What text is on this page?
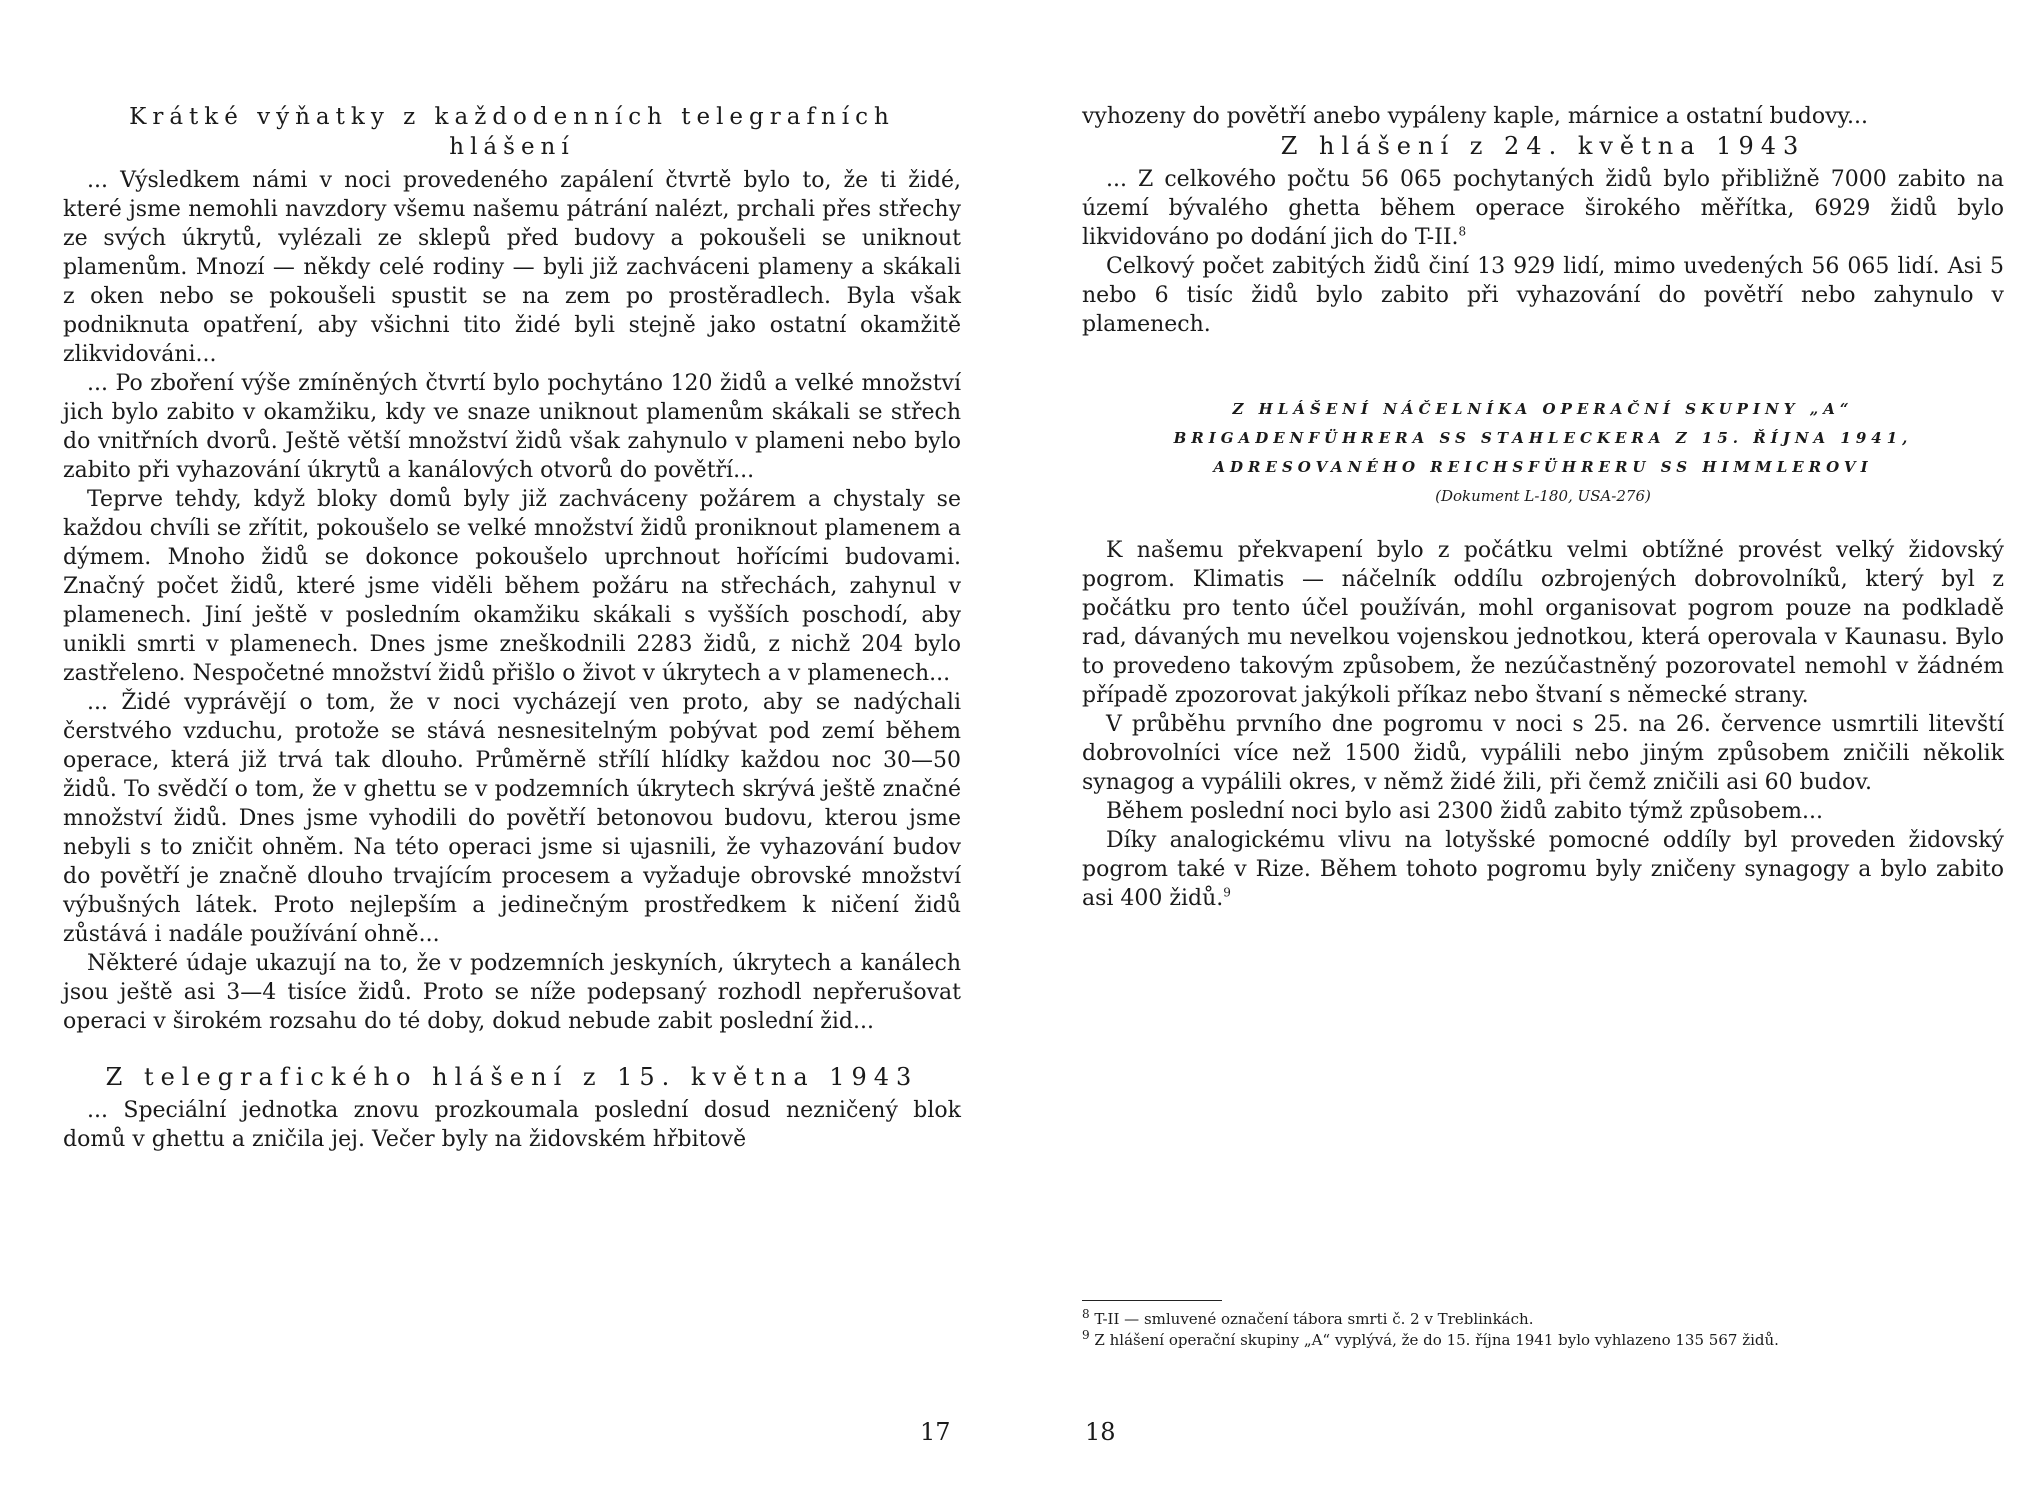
Krátké výňatky z každodenních telegrafních hlášení

... Výsledkem námi v noci provedeného zapálení čtvrtě bylo to, že ti židé, které jsme nemohli navzdory všemu našemu pátrání nalézt, prchali přes střechy ze svých úkrytů, vylézali ze sklepů před budovy a pokoušeli se uniknout plamenům. Mnozí — někdy celé rodiny — byli již zachváceni plameny a skákali z oken nebo se pokoušeli spustit se na zem po prostěradlech. Byla však podniknuta opatření, aby všichni tito židé byli stejně jako ostatní okamžitě zlikvidováni...

... Po zboření výše zmíněných čtvrtí bylo pochytáno 120 židů a velké množství jich bylo zabito v okamžiku, kdy ve snaze uniknout plamenům skákali se střech do vnitřních dvorů. Ještě větší množství židů však zahynulo v plameni nebo bylo zabito při vyhazování úkrytů a kanálových otvorů do povětří...

Teprve tehdy, když bloky domů byly již zachváceny požárem a chystaly se každou chvíli se zřítit, pokoušelo se velké množství židů proniknout plamenem a dýmem. Mnoho židů se dokonce pokoušelo uprchnout hořícími budovami. Značný počet židů, které jsme viděli během požáru na střechách, zahynul v plamenech. Jiní ještě v posledním okamžiku skákali s vyšších poschodí, aby unikli smrti v plamenech. Dnes jsme zneškodnili 2283 židů, z nichž 204 bylo zastřeleno. Nespočetné množství židů přišlo o život v úkrytech a v plamenech...

... Židé vyprávějí o tom, že v noci vycházejí ven proto, aby se nadýchali čerstvého vzduchu, protože se stává nesnesitelným pobývat pod zemí během operace, která již trvá tak dlouho. Průměrně střílí hlídky každou noc 30—50 židů. To svědčí o tom, že v ghettu se v podzemních úkrytech skrývá ještě značné množství židů. Dnes jsme vyhodili do povětří betonovou budovu, kterou jsme nebyli s to zničit ohněm. Na této operaci jsme si ujasnili, že vyhazování budov do povětří je značně dlouho trvajícím procesem a vyžaduje obrovské množství výbušných látek. Proto nejlepším a jedinečným prostředkem k ničení židů zůstává i nadále používání ohně...

Některé údaje ukazují na to, že v podzemních jeskyních, úkrytech a kanálech jsou ještě asi 3—4 tisíce židů. Proto se níže podepsaný rozhodl nepřerušovat operaci v širokém rozsahu do té doby, dokud nebude zabit poslední žid...

Z telegrafického hlášení z 15. května 1943

... Speciální jednotka znovu prozkoumala poslední dosud nezničený blok domů v ghettu a zničila jej. Večer byly na židovském hřbitově

17

vyhozeny do povětří anebo vypáleny kaple, márnice a ostatní budovy...

Z hlášení z 24. května 1943

... Z celkového počtu 56 065 pochytaných židů bylo přibližně 7000 zabito na území bývalého ghetta během operace širokého měřítka, 6929 židů bylo likvidováno po dodání jich do T-II.$^8$

Celkový počet zabitých židů činí 13 929 lidí, mimo uvedených 56 065 lidí. Asi 5 nebo 6 tisíc židů bylo zabito při vyhazování do povětří nebo zahynulo v plamenech.

Z HLÁŠENÍ NÁČELNÍKA OPERAČNÍ SKUPINY „A“
BRIGADENFÜHRERA SS STAHLECKERA Z 15. ŘÍJNA 1941,
ADRESOVANÉHO REICHSFÜHRERU SS HIMMLEROVI
(Dokument L-180, USA-276)

K našemu překvapení bylo z počátku velmi obtížné provést velký židovský pogrom. Klimatis — náčelník oddílu ozbrojených dobrovolníků, který byl z počátku pro tento účel používán, mohl organisovat pogrom pouze na podkladě rad, dávaných mu nevelkou vojenskou jednotkou, která operovala v Kaunasu. Bylo to provedeno takovým způsobem, že nezúčastněný pozorovatel nemohl v žádném případě zpozorovat jakýkoli příkaz nebo štvaní s německé strany.

V průběhu prvního dne pogromu v noci s 25. na 26. července usmrtili litevští dobrovolníci více než 1500 židů, vypálili nebo jiným způsobem zničili několik synagog a vypálili okres, v němž židé žili, při čemž zničili asi 60 budov.

Během poslední noci bylo asi 2300 židů zabito týmž způsobem...

Díky analogickému vlivu na lotyšské pomocné oddíly byl proveden židovský pogrom také v Rize. Během tohoto pogromu byly zničeny synagogy a bylo zabito asi 400 židů.$^9$

$^8$ T-II — smluvené označení tábora smrti č. 2 v Treblinkách.
$^9$ Z hlášení operační skupiny „A“ vyplývá, že do 15. října 1941 bylo vyhlazeno 135 567 židů.
18
